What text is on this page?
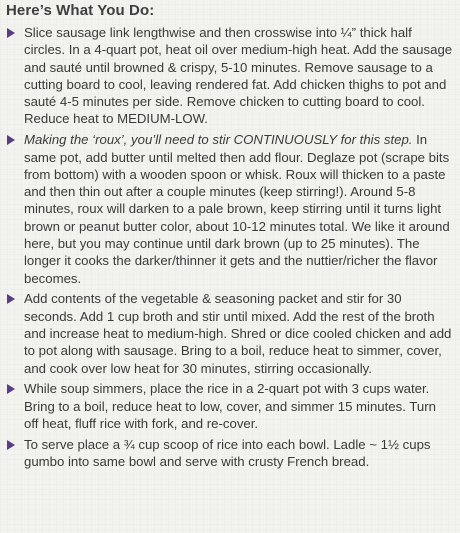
Here’s What You Do:
Slice sausage link lengthwise and then crosswise into ¼” thick half circles. In a 4-quart pot, heat oil over medium-high heat. Add the sausage and sauté until browned & crispy, 5-10 minutes. Remove sausage to a cutting board to cool, leaving rendered fat. Add chicken thighs to pot and sauté 4-5 minutes per side. Remove chicken to cutting board to cool. Reduce heat to MEDIUM-LOW.
Making the ‘roux’, you’ll need to stir CONTINUOUSLY for this step. In same pot, add butter until melted then add flour. Deglaze pot (scrape bits from bottom) with a wooden spoon or whisk. Roux will thicken to a paste and then thin out after a couple minutes (keep stirring!). Around 5-8 minutes, roux will darken to a pale brown, keep stirring until it turns light brown or peanut butter color, about 10-12 minutes total. We like it around here, but you may continue until dark brown (up to 25 minutes). The longer it cooks the darker/thinner it gets and the nuttier/richer the flavor becomes.
Add contents of the vegetable & seasoning packet and stir for 30 seconds. Add 1 cup broth and stir until mixed. Add the rest of the broth and increase heat to medium-high. Shred or dice cooled chicken and add to pot along with sausage. Bring to a boil, reduce heat to simmer, cover, and cook over low heat for 30 minutes, stirring occasionally.
While soup simmers, place the rice in a 2-quart pot with 3 cups water. Bring to a boil, reduce heat to low, cover, and simmer 15 minutes. Turn off heat, fluff rice with fork, and re-cover.
To serve place a ¾ cup scoop of rice into each bowl. Ladle ~ 1½ cups gumbo into same bowl and serve with crusty French bread.
